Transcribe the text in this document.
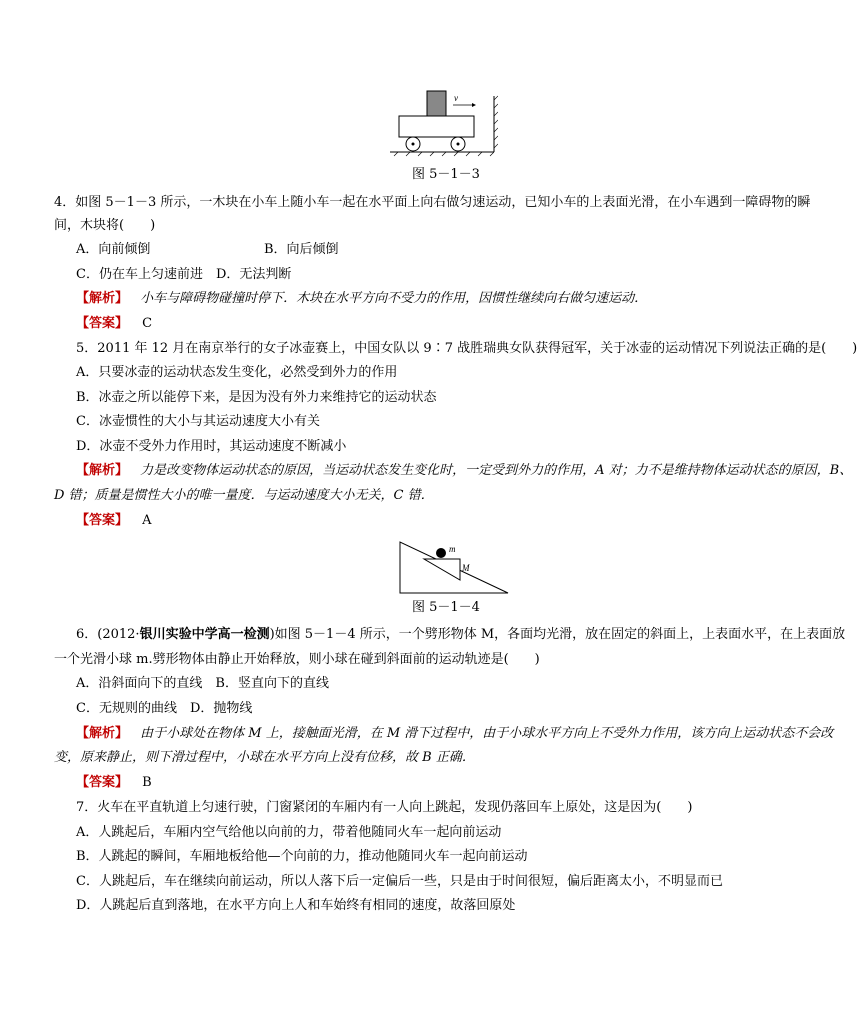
v
图 5－1－3
4．如图 5－1－3 所示，一木块在小车上随小车一起在水平面上向右做匀速运动，已知小车的上表面光滑，在小车遇到一障碍物的瞬
间，木块将(　　)
A．向前倾倒	B．向后倾倒
C．仍在车上匀速前进　D．无法判断
【解析】 小车与障碍物碰撞时停下．木块在水平方向不受力的作用，因惯性继续向右做匀速运动．
【答案】 C
5．2011 年 12 月在南京举行的女子冰壶赛上，中国女队以 9∶7 战胜瑞典女队获得冠军，关于冰壶的运动情况下列说法正确的是(　　)
A．只要冰壶的运动状态发生变化，必然受到外力的作用
B．冰壶之所以能停下来，是因为没有外力来维持它的运动状态
C．冰壶惯性的大小与其运动速度大小有关
D．冰壶不受外力作用时，其运动速度不断减小
【解析】 力是改变物体运动状态的原因，当运动状态发生变化时，一定受到外力的作用，A 对；力不是维持物体运动状态的原因，B、
D 错；质量是惯性大小的唯一量度．与运动速度大小无关，C 错．
【答案】 A
m
M
图 5－1－4
6．(2012·银川实验中学高一检测)如图 5－1－4 所示，一个劈形物体 M，各面均光滑，放在固定的斜面上，上表面水平，在上表面放
一个光滑小球 m.劈形物体由静止开始释放，则小球在碰到斜面前的运动轨迹是(　　)
A．沿斜面向下的直线　B．竖直向下的直线
C．无规则的曲线　D．抛物线
【解析】 由于小球处在物体 M 上，接触面光滑，在 M 滑下过程中，由于小球水平方向上不受外力作用，该方向上运动状态不会改
变，原来静止，则下滑过程中，小球在水平方向上没有位移，故 B 正确．
【答案】 B
7．火车在平直轨道上匀速行驶，门窗紧闭的车厢内有一人向上跳起，发现仍落回车上原处，这是因为(　　)
A．人跳起后，车厢内空气给他以向前的力，带着他随同火车一起向前运动
B．人跳起的瞬间，车厢地板给他—个向前的力，推动他随同火车一起向前运动
C．人跳起后，车在继续向前运动，所以人落下后一定偏后一些，只是由于时间很短，偏后距离太小，不明显而已
D．人跳起后直到落地，在水平方向上人和车始终有相同的速度，故落回原处
